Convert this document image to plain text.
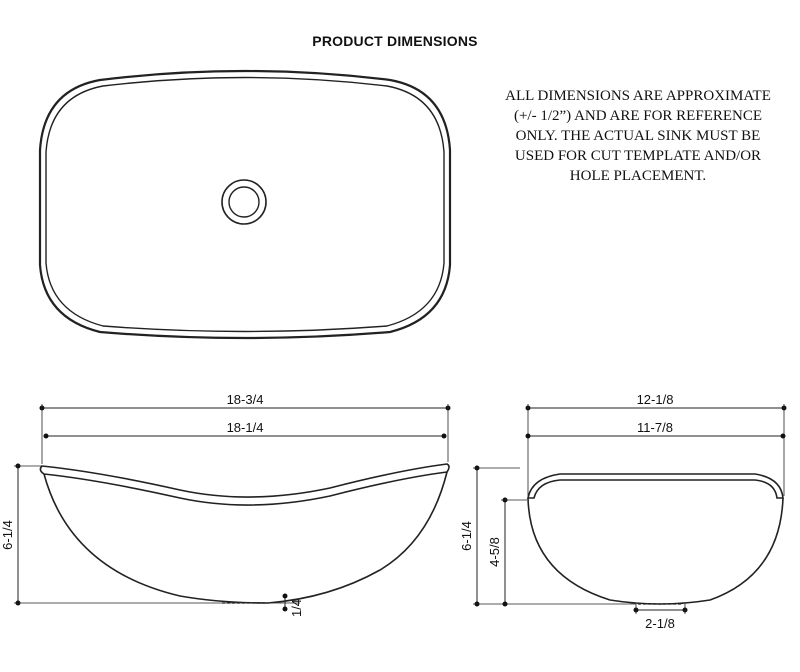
PRODUCT DIMENSIONS
ALL DIMENSIONS ARE APPROXIMATE
(+/- 1/2”) AND ARE FOR REFERENCE
ONLY. THE ACTUAL SINK MUST BE
USED FOR CUT TEMPLATE AND/OR
HOLE PLACEMENT.
18-3/4
18-1/4
6-1/4
1/4
12-1/8
11-7/8
6-1/4
4-5/8
2-1/8
